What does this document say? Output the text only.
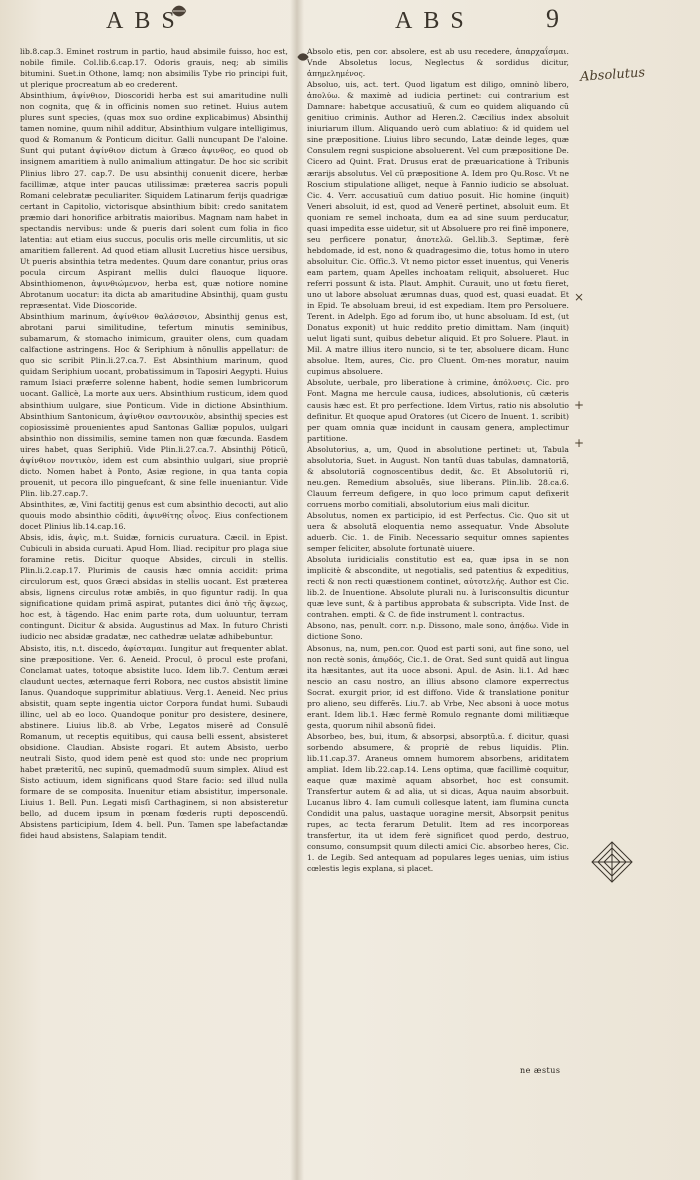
ABS	ABS	9
Absolutus
×
+
+

lib.8.cap.3. Eminet rostrum in partio, haud absimile fuisso, hoc est, nobile fimile. Col.lib.6.cap.17. Odoris grauis, neq; ab similis bitumini. Suet.in Othone, lamq; non absimilis Tybe rio principi fuit, ut plerique procreatum ab eo crederent.

Absinthium, ἀψίνθιον, Dioscoridi herba est sui amaritudine nulli non cognita, quę & in officinis nomen suo retinet. Huius autem plures sunt species, (quas mox suo ordine explicabimus) Absinthij tamen nomine, quum nihil additur, Absinthium vulgare intelligimus, quod & Romanum & Ponticum dicitur. Galli nuncupant De l'aloine. Sunt qui putant ἀψίνθιον dictum à Græco ἀψινθος, eo quod ob insignem amaritiem à nullo animalium attingatur. De hoc sic scribit Plinius libro 27. cap.7. De usu absinthij conuenit dicere, herbæ facillimæ, atque inter paucas utilissimæ: præterea sacris populi Romani celebratæ peculiariter. Siquidem Latinarum ferijs quadrigæ certant in Capitolio, victorisque absinthium bibit: credo sanitatem præmio dari honorifice arbitratis maioribus. Magnam nam habet in spectandis nervibus: unde & pueris dari solent cum folia in fico latentia: aut etiam eius succus, poculis oris melle circumlitis, ut sic amaritiem fallerent. Ad quod etiam allusit Lucretius hisce uersibus, Ut pueris absinthia tetra medentes. Quum dare conantur, prius oras pocula circum Aspirant mellis dulci flauoque liquore. Absinthiomenon, ἀψινθιώμενον, herba est, quæ notiore nomine Abrotanum uocatur: ita dicta ab amaritudine Absinthij, quam gustu repræsentat. Vide Dioscoride.

Absinthium marinum, ἀψίνθιον θαλάσσιον, Absinthij genus est, abrotani parui similitudine, tefertum minutis seminibus, subamarum, & stomacho inimicum, grauiter olens, cum quadam calfactione astringens. Hoc & Seriphium à nõnullis appellatur: de quo sic scribit Plin.li.27.ca.7. Est Absinthium marinum, quod quidam Seriphium uocant, probatissimum in Taposiri Aegypti. Huius ramum Isiaci præferre solenne habent, hodie semen lumbricorum uocant. Gallicè, La morte aux uers. Absinthium rusticum, idem quod absinthium uulgare, siue Ponticum. Vide in dictione Absinthium. Absinthium Santonicum, ἀψίνθιον σαντονικὸν, absinthij species est copiosissimè prouenientes apud Santonas Galliæ populos, uulgari absinthio non dissimilis, semine tamen non quæ fœcunda. Easdem uires habet, quas Seriphiũ. Vide Plin.li.27.ca.7. Absinthij Pôticũ, ἀψίνθιον ποντικὸν, idem est cum absinthio uulgari, siue propriè dicto. Nomen habet à Ponto, Asiæ regione, in qua tanta copia prouenit, ut pecora illo pinguefcant, & sine felle inueniantur. Vide Plin. lib.27.cap.7.

Absinthites, æ, Vini factitij genus est cum absinthio decocti, aut alio quouis modo absinthio cõditi, ἀψινθίτης οἶνος. Eius confectionem docet Plinius lib.14.cap.16.

Absis, idis, ἀψὶς, m.t. Suidæ, fornicis curuatura. Cæcil. in Epist. Cubiculi in absida curuati. Apud Hom. Iliad. recipitur pro plaga siue foramine retis. Dicitur quoque Absides, circuli in stellis. Plin.li.2.cap.17. Plurimis de causis hæc omnia accidit: prima circulorum est, quos Græci absidas in stellis uocant. Est præterea absis, lignens circulus rotæ ambiẽs, in quo figuntur radij. In qua significatione quidam primã aspirat, putantes dici ἁπὸ τῆς ἅψεως, hoc est, à tāgendo. Hac enim parte rota, dum uoluuntur, terram contingunt. Dicitur & absida. Augustinus ad Max. In futuro Christi iudicio nec absidæ gradatæ, nec cathedræ uelatæ adhibebuntur.

Absisto, itis, n.t. discedo, ἀφίσταμαι. Iungitur aut frequenter ablat. sine præpositione. Ver. 6. Aeneid. Procul, ô procul este profani, Conclamat uates, totoque absistite luco. Idem lib.7. Centum æræi claudunt uectes, æternaque ferri Robora, nec custos absistit limine Ianus. Quandoque supprimitur ablatiuus. Verg.1. Aeneid. Nec prius absistit, quam septe ingentia uictor Corpora fundat humi. Subaudi illinc, uel ab eo loco. Quandoque ponitur pro desistere, desinere, abstinere. Liuius lib.8. ab Vrbe, Legatos miserē ad Consulē Romanum, ut receptis equitibus, qui causa belli essent, absisteret obsidione. Claudian. Absiste rogari. Et autem Absisto, uerbo neutrali Sisto, quod idem penè est quod sto: unde nec proprium habet præteritũ, nec supinũ, quemadmodũ suum simplex. Aliud est Sisto actiuum, idem significans quod Stare facio: sed illud nulla formare de se composita. Inuenitur etiam absistitur, impersonale. Liuius 1. Bell. Pun. Legati misſi Carthaginem, si non absisteretur bello, ad ducem ipsum in pœnam fœderis rupti deposcendũ. Absistens participium, Idem 4. bell. Pun. Tamen spe labefactandæ fidei haud absistens, Salapiam tendit.

Absolo etis, pen cor. absolere, est ab usu recedere, ἀπαρχαΐσμαι. Vnde Absoletus locus, Neglectus & sordidus dicitur, ἀπημελημένος.

Absoluo, uis, act. tert. Quod ligatum est diligo, omninò libero, ἀπολύω. & maximè ad iudicia pertinet: cui contrarium est Damnare: habetque accusatiuũ, & cum eo quidem aliquando cũ genitiuo criminis. Author ad Heren.2. Cæcilius index absoluit iniuriarum illum. Aliquando uerò cum ablatiuo: & id quidem uel sine præpositione. Liuius libro secundo, Latæ deinde leges, quæ Consulem regni suspicione absoluerent. Vel cum præpositione De. Cicero ad Quint. Frat. Drusus erat de præuaricatione à Tribunis ærarijs absolutus. Vel cũ præpositione A. Idem pro Qu.Rosc. Vt ne Roscium stipulatione alliget, neque à Fannio iudicio se absoluat. Cic. 4. Verr. accusatiuũ cum datiuo posuit. Hic homine (inquit) Veneri absoluit, id est, quod ad Venerē pertinet, absoluit eum. Et quoniam re semel inchoata, dum ea ad sine suum perducatur, quasi impedita esse uidetur, sit ut Absoluere pro rei finẽ imponere, seu perficere ponatur, ἀποτελῶ. Gel.lib.3. Septimæ, ferè hebdomade, id est, nono & quadragesimo die, totus homo in utero absoluitur. Cic. Offic.3. Vt nemo pictor esset inuentus, qui Veneris eam partem, quam Apelles inchoatam reliquit, absolueret. Huc referri possunt & ista. Plaut. Amphit. Curauit, uno ut fœtu fieret, uno ut labore absoluat ærumnas duas, quod est, quasi euadat. Et in Epid. Te absoluam breui, id est expediam. Item pro Persoluere. Terent. in Adelph. Ego ad forum ibo, ut hunc absoluam. Id est, (ut Donatus exponit) ut huic reddito pretio dimittam. Nam (inquit) uelut ligati sunt, quibus debetur aliquid. Et pro Soluere. Plaut. in Mil. A matre illius itero nuncio, si te ter, absoluere dicam. Hunc absolue. Item, aures, Cic. pro Cluent. Om-nes moratur, nauim cupimus absoluere.

Absolute, uerbale, pro liberatione à crimine, ἀπόλυσις. Cic. pro Font. Magna me hercule causa, iudices, absolutionis, cũ cæteris causis hæc est. Et pro perfectione. Idem Virtus, ratio nis absolutio definitur. Et quoque apud Oratores (ut Cicero de Inuent. 1. scribit) per quam omnia quæ incidunt in causam genera, amplectimur partitione.

Absolutorius, a, um, Quod in absolutione pertinet: ut, Tabula absolutoria, Suet. in August. Non tantũ duas tabulas, damnatoriã, & absolutoriã cognoscentibus dedit, &c. Et Absolutoriũ ri, neu.gen. Remedium absoluẽs, siue liberans. Plin.lib. 28.ca.6. Clauum ferreum defigere, in quo loco primum caput defixerit corruens morbo comitiali, absolutorium eius mali dicitur.

Absolutus, nomen ex participio, id est Perfectus. Cic. Quo sit ut uera & absolutã eloquentia nemo assequatur. Vnde Absolute aduerb. Cic. 1. de Finib. Necessario sequitur omnes sapientes semper feliciter, absolute fortunatè uiuere.

Absoluta iuridicialis constitutio est ea, quæ ipsa in se non implicitè & abscondite, ut negotialis, sed patentius & expeditius, recti & non recti quæstionem continet, αὐτοτελής. Author est Cic. lib.2. de Inuentione. Absolute plurali nu. à Iurisconsultis dicuntur quæ leve sunt, & à partibus approbata & subscripta. Vide Inst. de contrahen. empti. & C. de fide instrument l. contractus.

Absono, nas, penult. corr. n.p. Dissono, male sono, ἀπᾴδω. Vide in dictione Sono.

Absonus, na, num, pen.cor. Quod est parti soni, aut fine sono, uel non rectè sonis, ἀπῳδός, Cic.1. de Orat. Sed sunt quidã aut lingua ita hæsitantes, aut ita uoce absoni. Apul. de Asin. li.1. Ad hæc nescio an casu nostro, an illius absono clamore experrectus Socrat. exurgit prior, id est diffono. Vide & translatione ponitur pro alieno, seu differẽs. Liu.7. ab Vrbe, Nec absoni à uoce motus erant. Idem lib.1. Hæc fermè Romulo regnante domi militiæque gesta, quorum nihil absonũ fidei.

Absorbeo, bes, bui, itum, & absorpsi, absorptũ.a. f. dicitur, quasi sorbendo absumere, & propriè de rebus liquidis. Plin. lib.11.cap.37. Araneus omnem humorem absorbens, ariditatem ampliat. Idem lib.22.cap.14. Lens optima, quæ facillimè coquitur, eaque quæ maximè aquam absorbet, hoc est consumit. Transfertur autem & ad alia, ut si dicas, Aqua nauim absorbuit. Lucanus libro 4. Iam cumuli collesque latent, iam flumina cuncta Condidit una palus, uastaque uoragine mersit, Absorpsit penitus rupes, ac tecta ferarum Detulit. Item ad res incorporeas transfertur, ita ut idem ferè significet quod perdo, destruo, consumo, consumpsit quum dilecti amici Cic. absorbeo heres, Cic. 1. de Legib. Sed antequam ad populares leges uenias, uim istius cœlestis legis explana, si placet.

ne æstus
